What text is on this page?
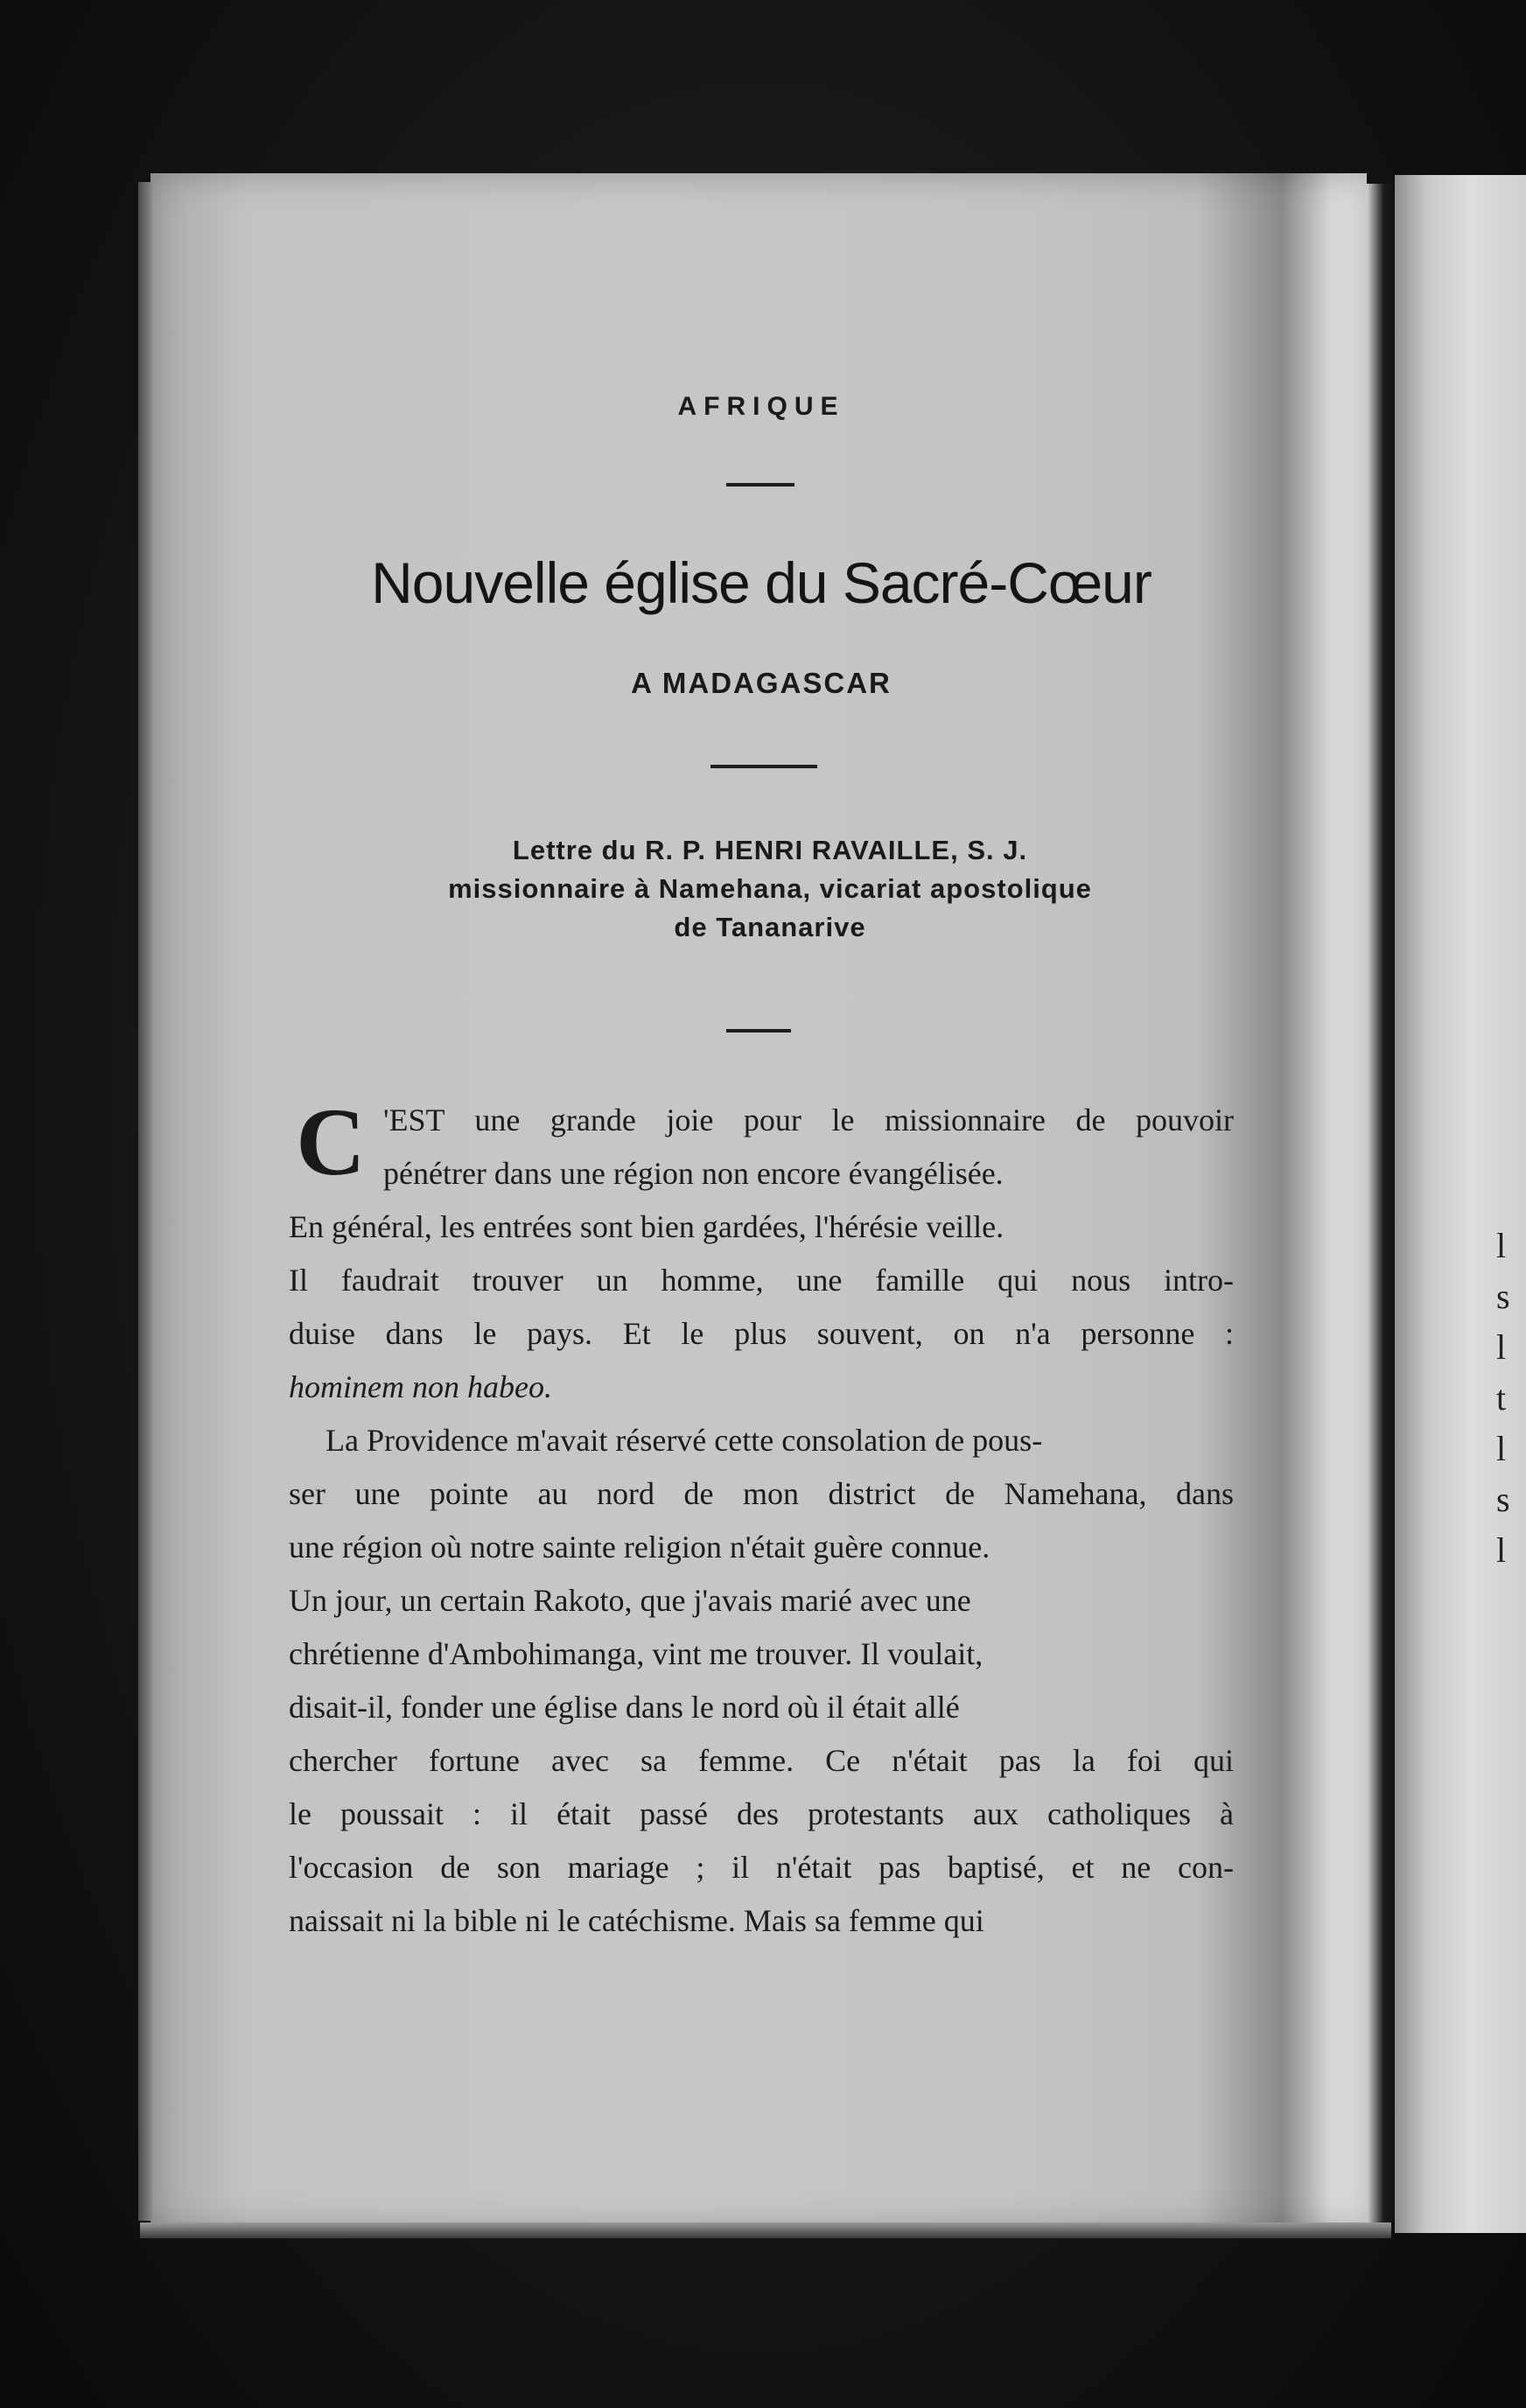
l
s
l
t
l
s
l
AFRIQUE
Nouvelle église du Sacré-Cœur
A MADAGASCAR
Lettre du R. P. HENRI RAVAILLE, S. J.
missionnaire à Namehana, vicariat apostolique
de Tananarive
C 'EST une grande joie pour le missionnaire de pouvoir
pénétrer dans une région non encore évangélisée.
En général, les entrées sont bien gardées, l'hérésie veille.
Il faudrait trouver un homme, une famille qui nous intro-
duise dans le pays. Et le plus souvent, on n'a personne :
hominem non habeo.
La Providence m'avait réservé cette consolation de pous-
ser une pointe au nord de mon district de Namehana, dans
une région où notre sainte religion n'était guère connue.
Un jour, un certain Rakoto, que j'avais marié avec une
chrétienne d'Ambohimanga, vint me trouver. Il voulait,
disait-il, fonder une église dans le nord où il était allé
chercher fortune avec sa femme. Ce n'était pas la foi qui
le poussait : il était passé des protestants aux catholiques à
l'occasion de son mariage ; il n'était pas baptisé, et ne con-
naissait ni la bible ni le catéchisme. Mais sa femme qui
